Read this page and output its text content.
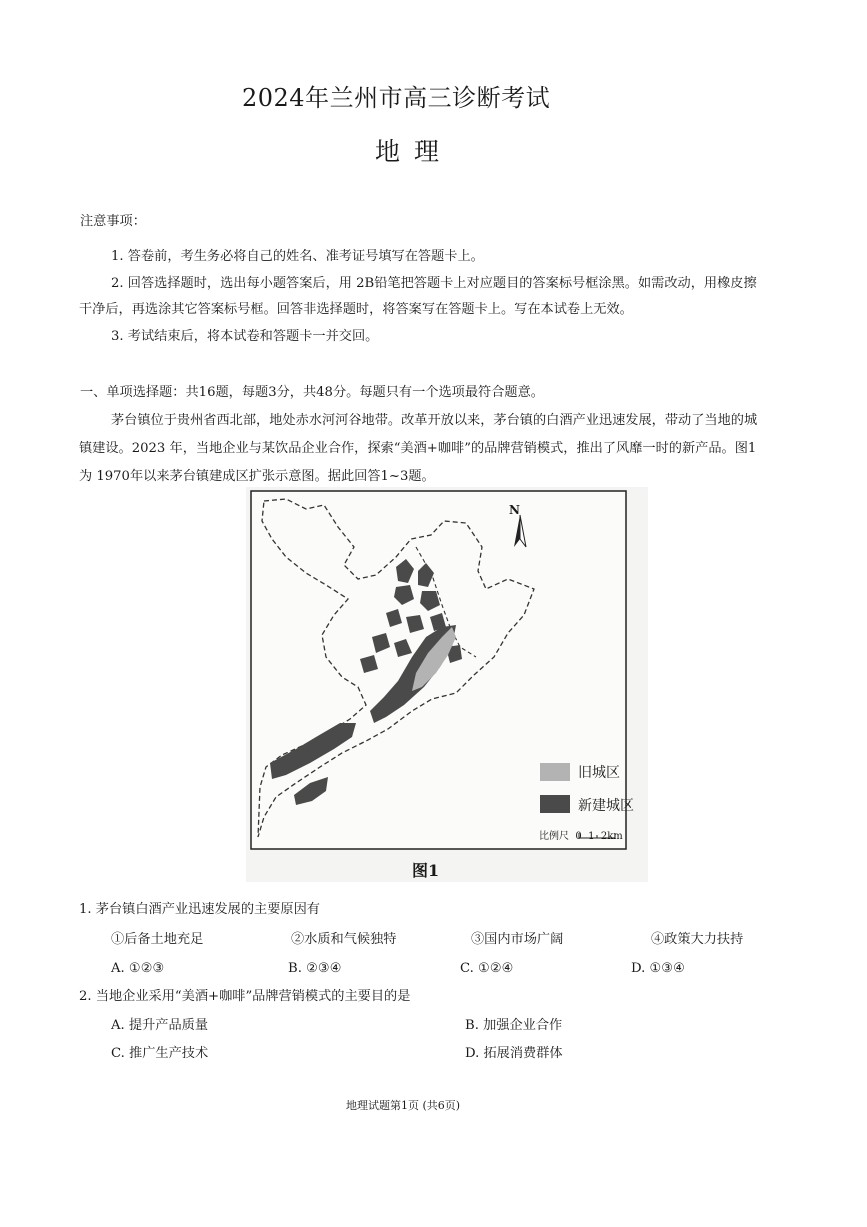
2024年兰州市高三诊断考试
地理
注意事项：
1. 答卷前，考生务必将自己的姓名、准考证号填写在答题卡上。
2. 回答选择题时，选出每小题答案后，用 2B铅笔把答题卡上对应题目的答案标号框涂黑。如需改动，用橡皮擦
干净后，再选涂其它答案标号框。回答非选择题时，将答案写在答题卡上。写在本试卷上无效。
3. 考试结束后，将本试卷和答题卡一并交回。
一、单项选择题：共16题，每题3分，共48分。每题只有一个选项最符合题意。
茅台镇位于贵州省西北部，地处赤水河河谷地带。改革开放以来，茅台镇的白酒产业迅速发展，带动了当地的城
镇建设。2023 年，当地企业与某饮品企业合作，探索“美酒+咖啡”的品牌营销模式，推出了风靡一时的新产品。图1
为 1970年以来茅台镇建成区扩张示意图。据此回答1~3题。
N
旧城区
新建城区
比例尺 0 1 2km
图1
1. 茅台镇白酒产业迅速发展的主要原因有
①后备土地充足	②水质和气候独特	③国内市场广阔	④政策大力扶持
A. ①②③	B. ②③④	C. ①②④	D. ①③④
2. 当地企业采用“美酒+咖啡”品牌营销模式的主要目的是
A. 提升产品质量	B. 加强企业合作
C. 推广生产技术	D. 拓展消费群体
地理试题第1页 (共6页)
